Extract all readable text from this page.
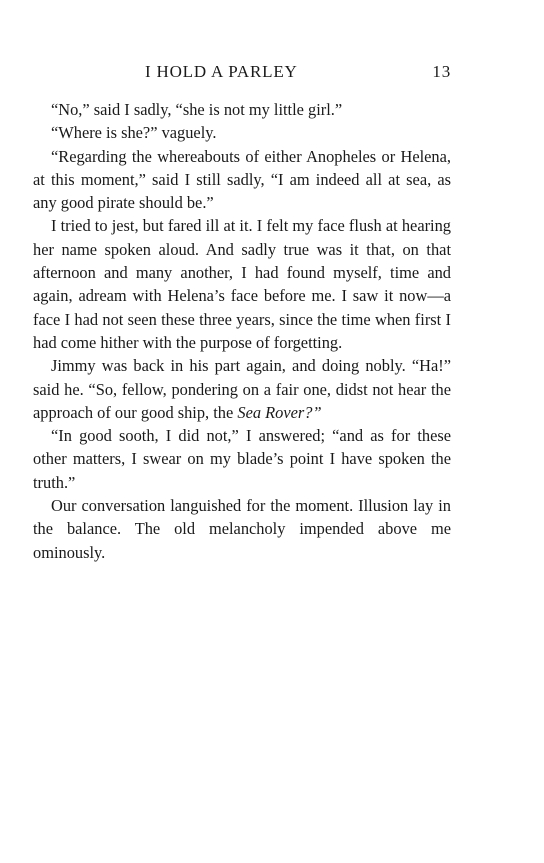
I HOLD A PARLEY	13

“No,” said I sadly, “she is not my little girl.”

“Where is she?” vaguely.

“Regarding the whereabouts of either Anopheles or Helena, at this moment,” said I still sadly, “I am indeed all at sea, as any good pirate should be.”

I tried to jest, but fared ill at it. I felt my face flush at hearing her name spoken aloud. And sadly true was it that, on that afternoon and many another, I had found myself, time and again, adream with Helena’s face before me. I saw it now—a face I had not seen these three years, since the time when first I had come hither with the purpose of forgetting.

Jimmy was back in his part again, and doing nobly. “Ha!” said he. “So, fellow, pondering on a fair one, didst not hear the approach of our good ship, the Sea Rover?”

“In good sooth, I did not,” I answered; “and as for these other matters, I swear on my blade’s point I have spoken the truth.”

Our conversation languished for the moment. Illusion lay in the balance. The old melancholy impended above me ominously.
